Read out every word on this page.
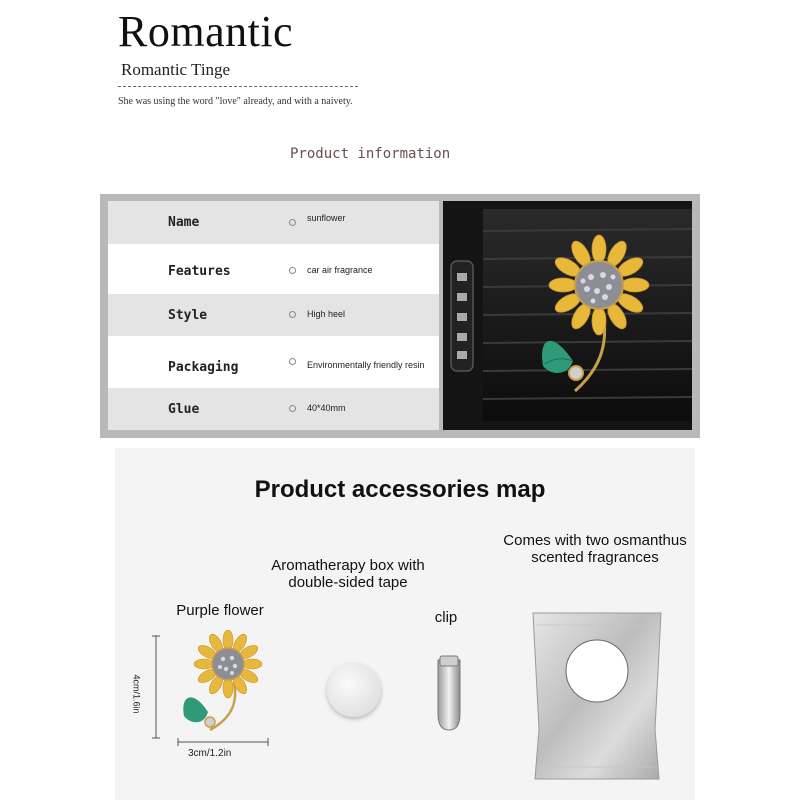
Romantic
Romantic Tinge
She was using the word "love" already, and with a naivety.
Product information
Name	sunflower
Features	car air fragrance
Style	High heel
Packaging	Environmentally friendly resin
Glue	40*40mm
Product accessories map
Purple flower
Aromatherapy box with double-sided tape
clip
Comes with two osmanthus scented fragrances
4cm/1.6in
3cm/1.2in
